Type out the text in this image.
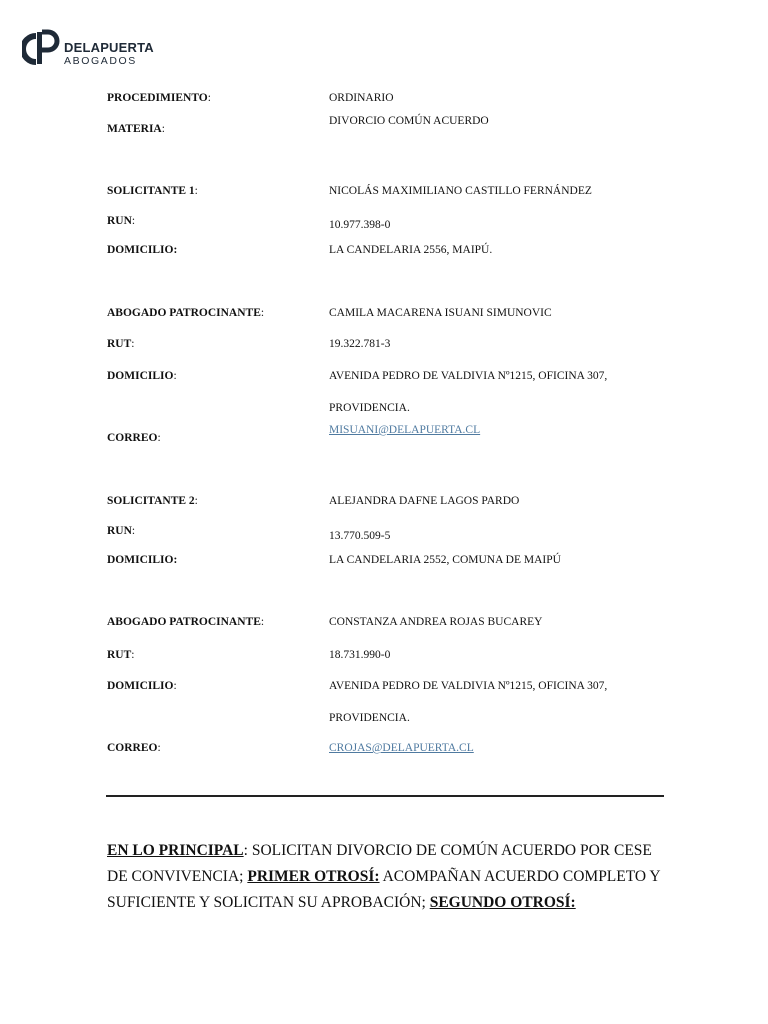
DELAPUERTA
ABOGADOS
PROCEDIMIENTO:	ORDINARIO
MATERIA:
DIVORCIO COMÚN ACUERDO
SOLICITANTE 1:	NICOLÁS MAXIMILIANO CASTILLO FERNÁNDEZ
RUN:	10.977.398-0
DOMICILIO:	LA CANDELARIA 2556, MAIPÚ.
ABOGADO PATROCINANTE:	CAMILA MACARENA ISUANI SIMUNOVIC
RUT:	19.322.781-3
DOMICILIO:	AVENIDA PEDRO DE VALDIVIA Nº1215, OFICINA 307,
PROVIDENCIA.
CORREO:
MISUANI@DELAPUERTA.CL
SOLICITANTE 2:	ALEJANDRA DAFNE LAGOS PARDO
RUN:	13.770.509-5
DOMICILIO:	LA CANDELARIA 2552, COMUNA DE MAIPÚ
ABOGADO PATROCINANTE:	CONSTANZA ANDREA ROJAS BUCAREY
RUT:	18.731.990-0
DOMICILIO:	AVENIDA PEDRO DE VALDIVIA Nº1215, OFICINA 307,
PROVIDENCIA.
CORREO:	CROJAS@DELAPUERTA.CL
EN LO PRINCIPAL: SOLICITAN DIVORCIO DE COMÚN ACUERDO POR CESE DE CONVIVENCIA; PRIMER OTROSÍ: ACOMPAÑAN ACUERDO COMPLETO Y SUFICIENTE Y SOLICITAN SU APROBACIÓN; SEGUNDO OTROSÍ:
